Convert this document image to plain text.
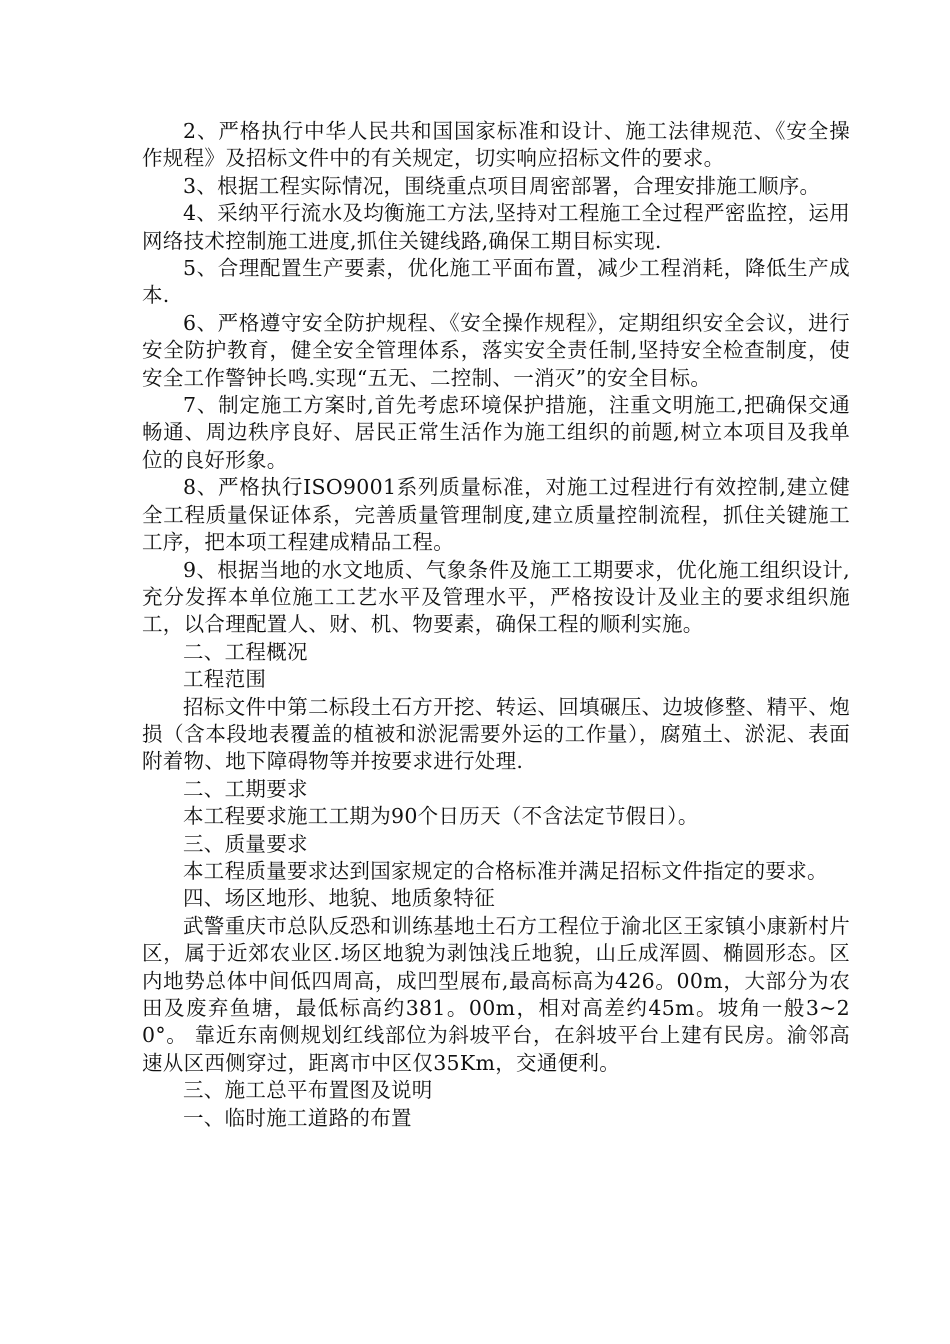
2、严格执行中华人民共和国国家标准和设计、施工法律规范、《安全操作规程》及招标文件中的有关规定，切实响应招标文件的要求。

3、根据工程实际情况，围绕重点项目周密部署，合理安排施工顺序。

4、采纳平行流水及均衡施工方法,坚持对工程施工全过程严密监控，运用网络技术控制施工进度,抓住关键线路,确保工期目标实现.

5、合理配置生产要素，优化施工平面布置，减少工程消耗，降低生产成本.

6、严格遵守安全防护规程、《安全操作规程》，定期组织安全会议，进行安全防护教育，健全安全管理体系，落实安全责任制,坚持安全检查制度，使安全工作警钟长鸣.实现“五无、二控制、一消灭”的安全目标。

7、制定施工方案时,首先考虑环境保护措施，注重文明施工,把确保交通畅通、周边秩序良好、居民正常生活作为施工组织的前题,树立本项目及我单位的良好形象。

8、严格执行ISO9001系列质量标准，对施工过程进行有效控制,建立健全工程质量保证体系，完善质量管理制度,建立质量控制流程，抓住关键施工工序，把本项工程建成精品工程。

9、根据当地的水文地质、气象条件及施工工期要求，优化施工组织设计,充分发挥本单位施工工艺水平及管理水平，严格按设计及业主的要求组织施工，以合理配置人、财、机、物要素，确保工程的顺利实施。

二、工程概况

工程范围

招标文件中第二标段土石方开挖、转运、回填碾压、边坡修整、精平、炮损（含本段地表覆盖的植被和淤泥需要外运的工作量），腐殖土、淤泥、表面附着物、地下障碍物等并按要求进行处理.

二、工期要求

本工程要求施工工期为90个日历天（不含法定节假日）。

三、质量要求

本工程质量要求达到国家规定的合格标准并满足招标文件指定的要求。

四、场区地形、地貌、地质象特征

武警重庆市总队反恐和训练基地土石方工程位于渝北区王家镇小康新村片区，属于近郊农业区.场区地貌为剥蚀浅丘地貌，山丘成浑圆、椭圆形态。区内地势总体中间低四周高，成凹型展布,最高标高为426。00m，大部分为农田及废弃鱼塘，最低标高约381。00m，相对高差约45m。坡角一般3~20°。 靠近东南侧规划红线部位为斜坡平台，在斜坡平台上建有民房。渝邻高速从区西侧穿过，距离市中区仅35Km，交通便利。

三、施工总平布置图及说明

一、临时施工道路的布置
